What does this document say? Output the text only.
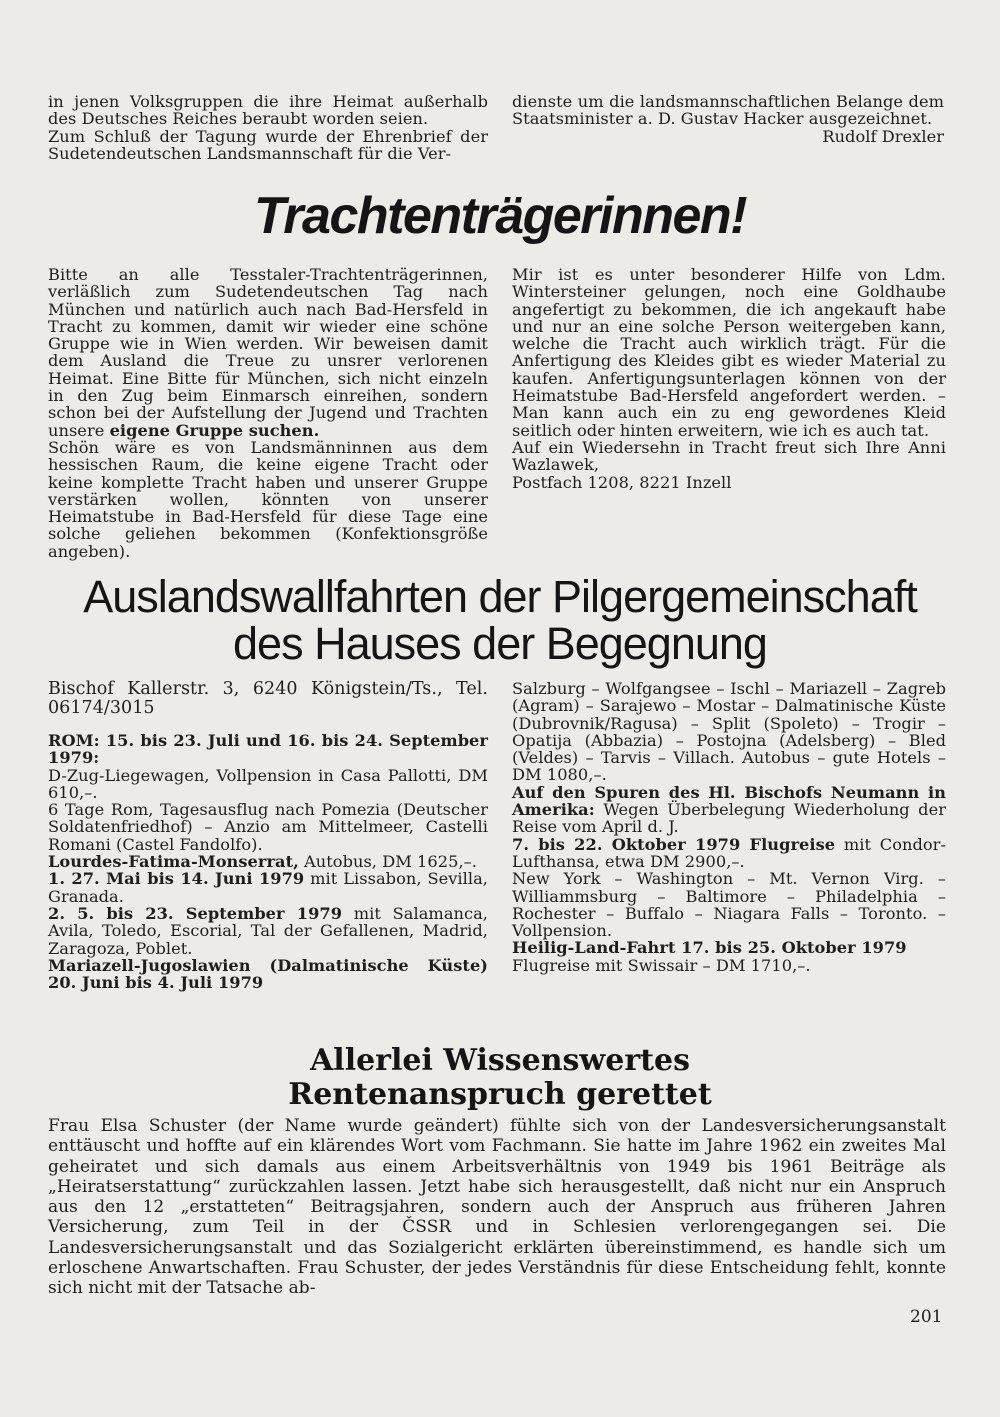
in jenen Volksgruppen die ihre Heimat außerhalb des Deutsches Reiches beraubt worden seien.

Zum Schluß der Tagung wurde der Ehrenbrief der Sudetendeutschen Landsmannschaft für die Ver-

dienste um die landsmannschaftlichen Belange dem Staatsminister a. D. Gustav Hacker ausgezeichnet.

Rudolf Drexler

Trachtenträgerinnen!

Bitte an alle Tesstaler-Trachtenträgerinnen, verläßlich zum Sudetendeutschen Tag nach München und natürlich auch nach Bad-Hersfeld in Tracht zu kommen, damit wir wieder eine schöne Gruppe wie in Wien werden. Wir beweisen damit dem Ausland die Treue zu unsrer verlorenen Heimat. Eine Bitte für München, sich nicht einzeln in den Zug beim Einmarsch einreihen, sondern schon bei der Aufstellung der Jugend und Trachten unsere eigene Gruppe suchen.

Schön wäre es von Landsmänninnen aus dem hessischen Raum, die keine eigene Tracht oder keine komplette Tracht haben und unserer Gruppe verstärken wollen, könnten von unserer Heimatstube in Bad-Hersfeld für diese Tage eine solche geliehen bekommen (Konfektionsgröße angeben).

Mir ist es unter besonderer Hilfe von Ldm. Wintersteiner gelungen, noch eine Goldhaube angefertigt zu bekommen, die ich angekauft habe und nur an eine solche Person weitergeben kann, welche die Tracht auch wirklich trägt. Für die Anfertigung des Kleides gibt es wieder Material zu kaufen. Anfertigungsunterlagen können von der Heimatstube Bad-Hersfeld angefordert werden. – Man kann auch ein zu eng gewordenes Kleid seitlich oder hinten erweitern, wie ich es auch tat.

Auf ein Wiedersehn in Tracht freut sich Ihre Anni Wazlawek,

Postfach 1208, 8221 Inzell

Auslandswallfahrten der Pilgergemeinschaft
des Hauses der Begegnung

Bischof Kallerstr. 3, 6240 Königstein/Ts., Tel. 06174/3015

ROM: 15. bis 23. Juli und 16. bis 24. September 1979:

D-Zug-Liegewagen, Vollpension in Casa Pallotti, DM 610,–.

6 Tage Rom, Tagesausflug nach Pomezia (Deutscher Soldatenfriedhof) – Anzio am Mittelmeer, Castelli Romani (Castel Fandolfo).

Lourdes-Fatima-Monserrat, Autobus, DM 1625,–.

1. 27. Mai bis 14. Juni 1979 mit Lissabon, Sevilla, Granada.

2. 5. bis 23. September 1979 mit Salamanca, Avila, Toledo, Escorial, Tal der Gefallenen, Madrid, Zaragoza, Poblet.

Mariazell-Jugoslawien (Dalmatinische Küste) 20. Juni bis 4. Juli 1979

Salzburg – Wolfgangsee – Ischl – Mariazell – Zagreb (Agram) – Sarajewo – Mostar – Dalmatinische Küste (Dubrovnik/Ragusa) – Split (Spoleto) – Trogir – Opatija (Abbazia) – Postojna (Adelsberg) – Bled (Veldes) – Tarvis – Villach. Autobus – gute Hotels – DM 1080,–.

Auf den Spuren des Hl. Bischofs Neumann in Amerika: Wegen Überbelegung Wiederholung der Reise vom April d. J.

7. bis 22. Oktober 1979 Flugreise mit Condor-Lufthansa, etwa DM 2900,–.

New York – Washington – Mt. Vernon Virg. – Williammsburg – Baltimore – Philadelphia – Rochester – Buffalo – Niagara Falls – Toronto. – Vollpension.

Heilig-Land-Fahrt 17. bis 25. Oktober 1979

Flugreise mit Swissair – DM 1710,–.

Allerlei Wissenswertes
Rentenanspruch gerettet
Frau Elsa Schuster (der Name wurde geändert) fühlte sich von der Landesversicherungsanstalt enttäuscht und hoffte auf ein klärendes Wort vom Fachmann. Sie hatte im Jahre 1962 ein zweites Mal geheiratet und sich damals aus einem Arbeitsverhältnis von 1949 bis 1961 Beiträge als „Heiratserstattung“ zurückzahlen lassen. Jetzt habe sich herausgestellt, daß nicht nur ein Anspruch aus den 12 „erstatteten“ Beitragsjahren, sondern auch der Anspruch aus früheren Jahren Versicherung, zum Teil in der ČSSR und in Schlesien verlorengegangen sei. Die Landesversicherungsanstalt und das Sozialgericht erklärten übereinstimmend, es handle sich um erloschene Anwartschaften. Frau Schuster, der jedes Verständnis für diese Entscheidung fehlt, konnte sich nicht mit der Tatsache ab-
201
